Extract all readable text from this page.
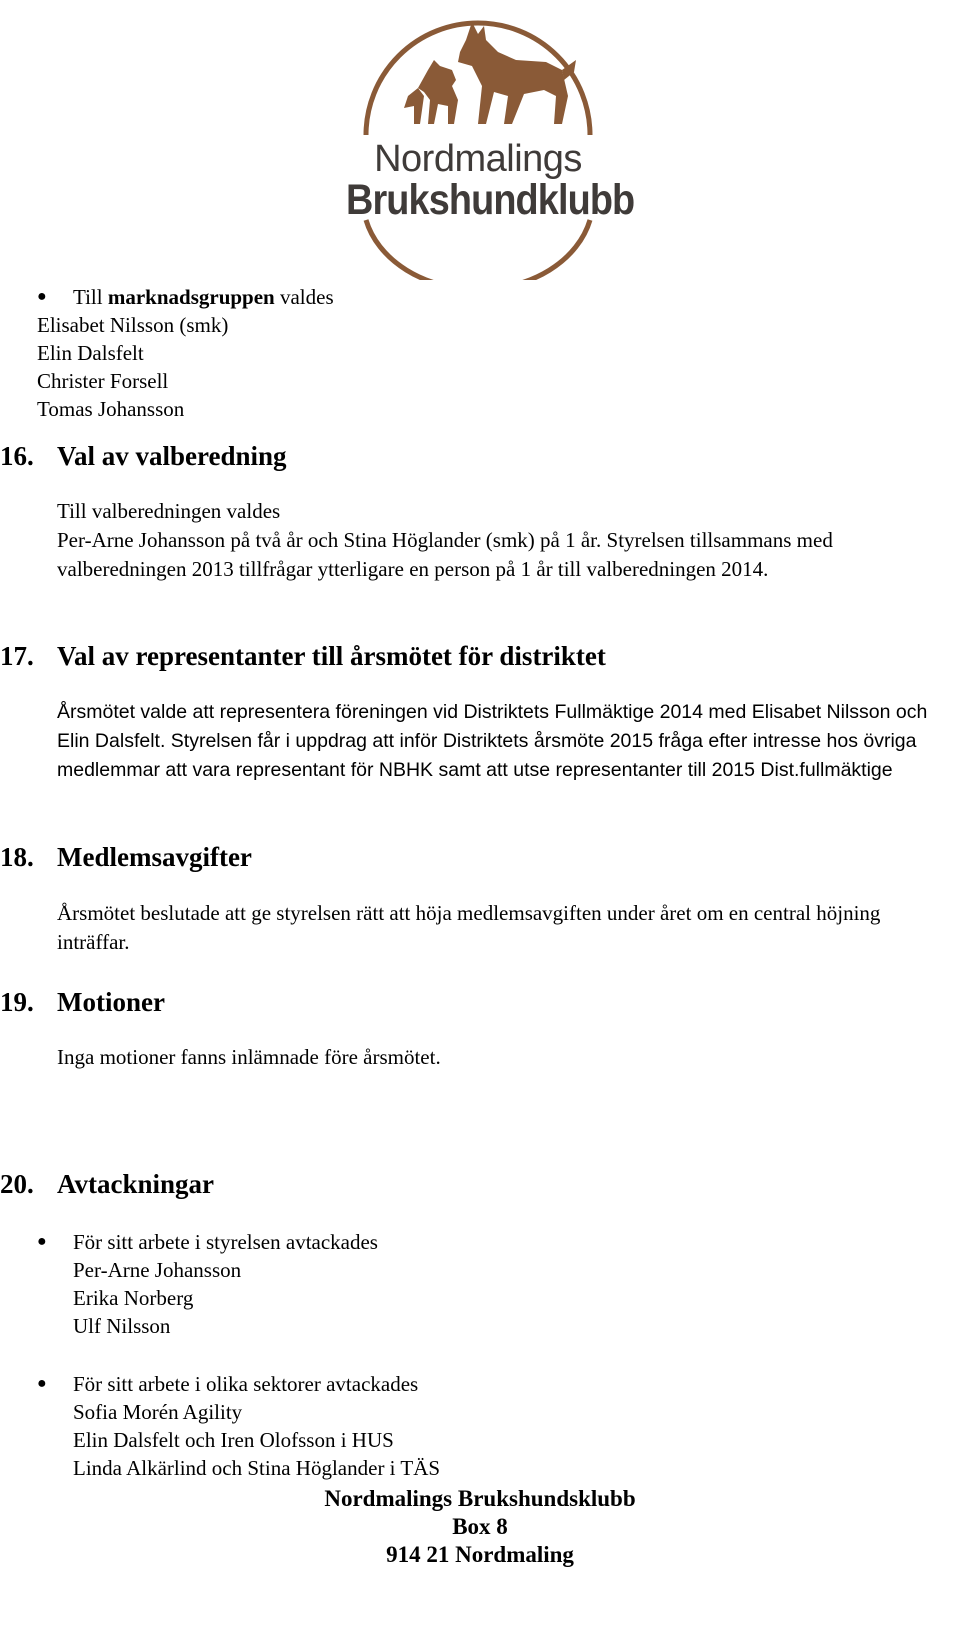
Nordmalings
Brukshundklubb
● Till marknadsgruppen valdes
Elisabet Nilsson (smk)
Elin Dalsfelt
Christer Forsell
Tomas Johansson
16. Val av valberedning
Till valberedningen valdes
Per-Arne Johansson på två år och Stina Höglander (smk) på 1 år. Styrelsen tillsammans med valberedningen 2013 tillfrågar ytterligare en person på 1 år till valberedningen 2014.
17. Val av representanter till årsmötet för distriktet
Årsmötet valde att representera föreningen vid Distriktets Fullmäktige 2014 med Elisabet Nilsson och Elin Dalsfelt. Styrelsen får i uppdrag att inför Distriktets årsmöte 2015 fråga efter intresse hos övriga medlemmar att vara representant för NBHK samt att utse representanter till 2015 Dist.fullmäktige
18. Medlemsavgifter
Årsmötet beslutade att ge styrelsen rätt att höja medlemsavgiften under året om en central höjning inträffar.
19. Motioner
Inga motioner fanns inlämnade före årsmötet.
20. Avtackningar
● För sitt arbete i styrelsen avtackades
Per-Arne Johansson
Erika Norberg
Ulf Nilsson
● För sitt arbete i olika sektorer avtackades
Sofia Morén Agility
Elin Dalsfelt och Iren Olofsson i HUS
Linda Alkärlind och Stina Höglander i TÄS
Nordmalings Brukshundsklubb
Box 8
914 21 Nordmaling
